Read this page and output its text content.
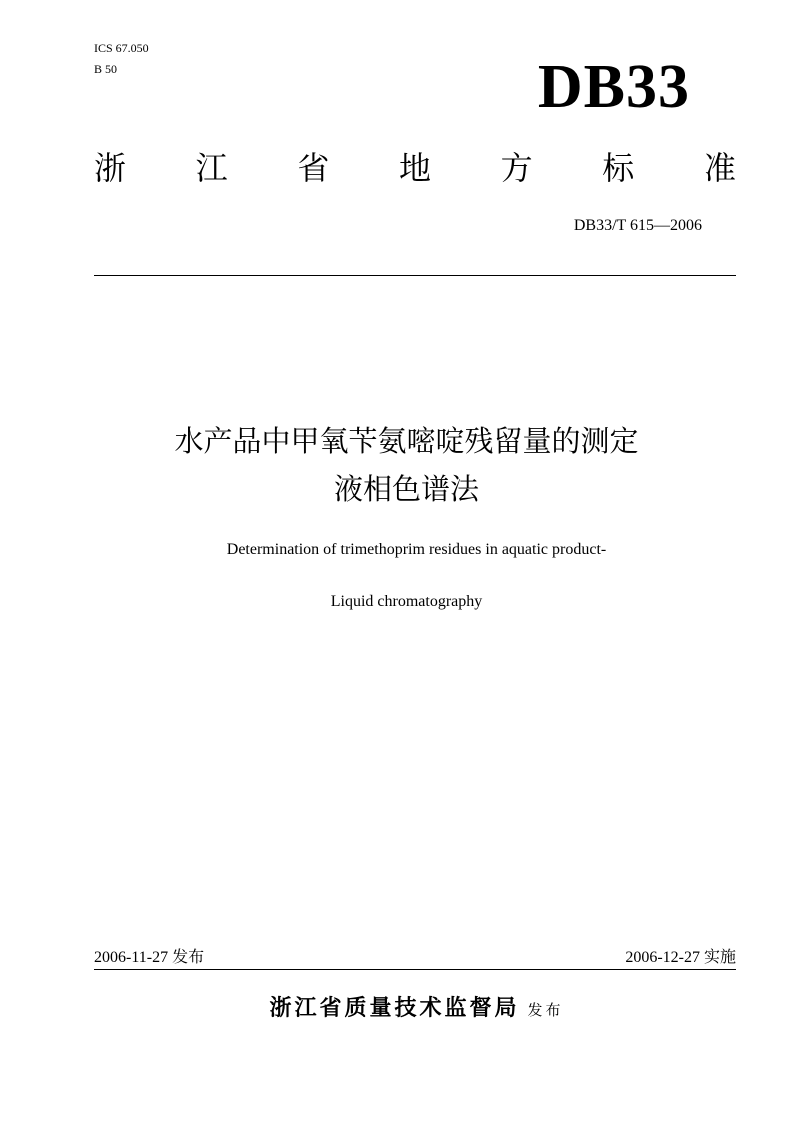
ICS 67.050
B 50	DB33
浙 江 省 地 方 标 准
DB33/T 615—2006
水产品中甲氧苄氨嘧啶残留量的测定
液相色谱法
Determination of trimethoprim residues in aquatic product-
Liquid chromatography
2006-11-27 发布	2006-12-27 实施
浙江省质量技术监督局 发布
